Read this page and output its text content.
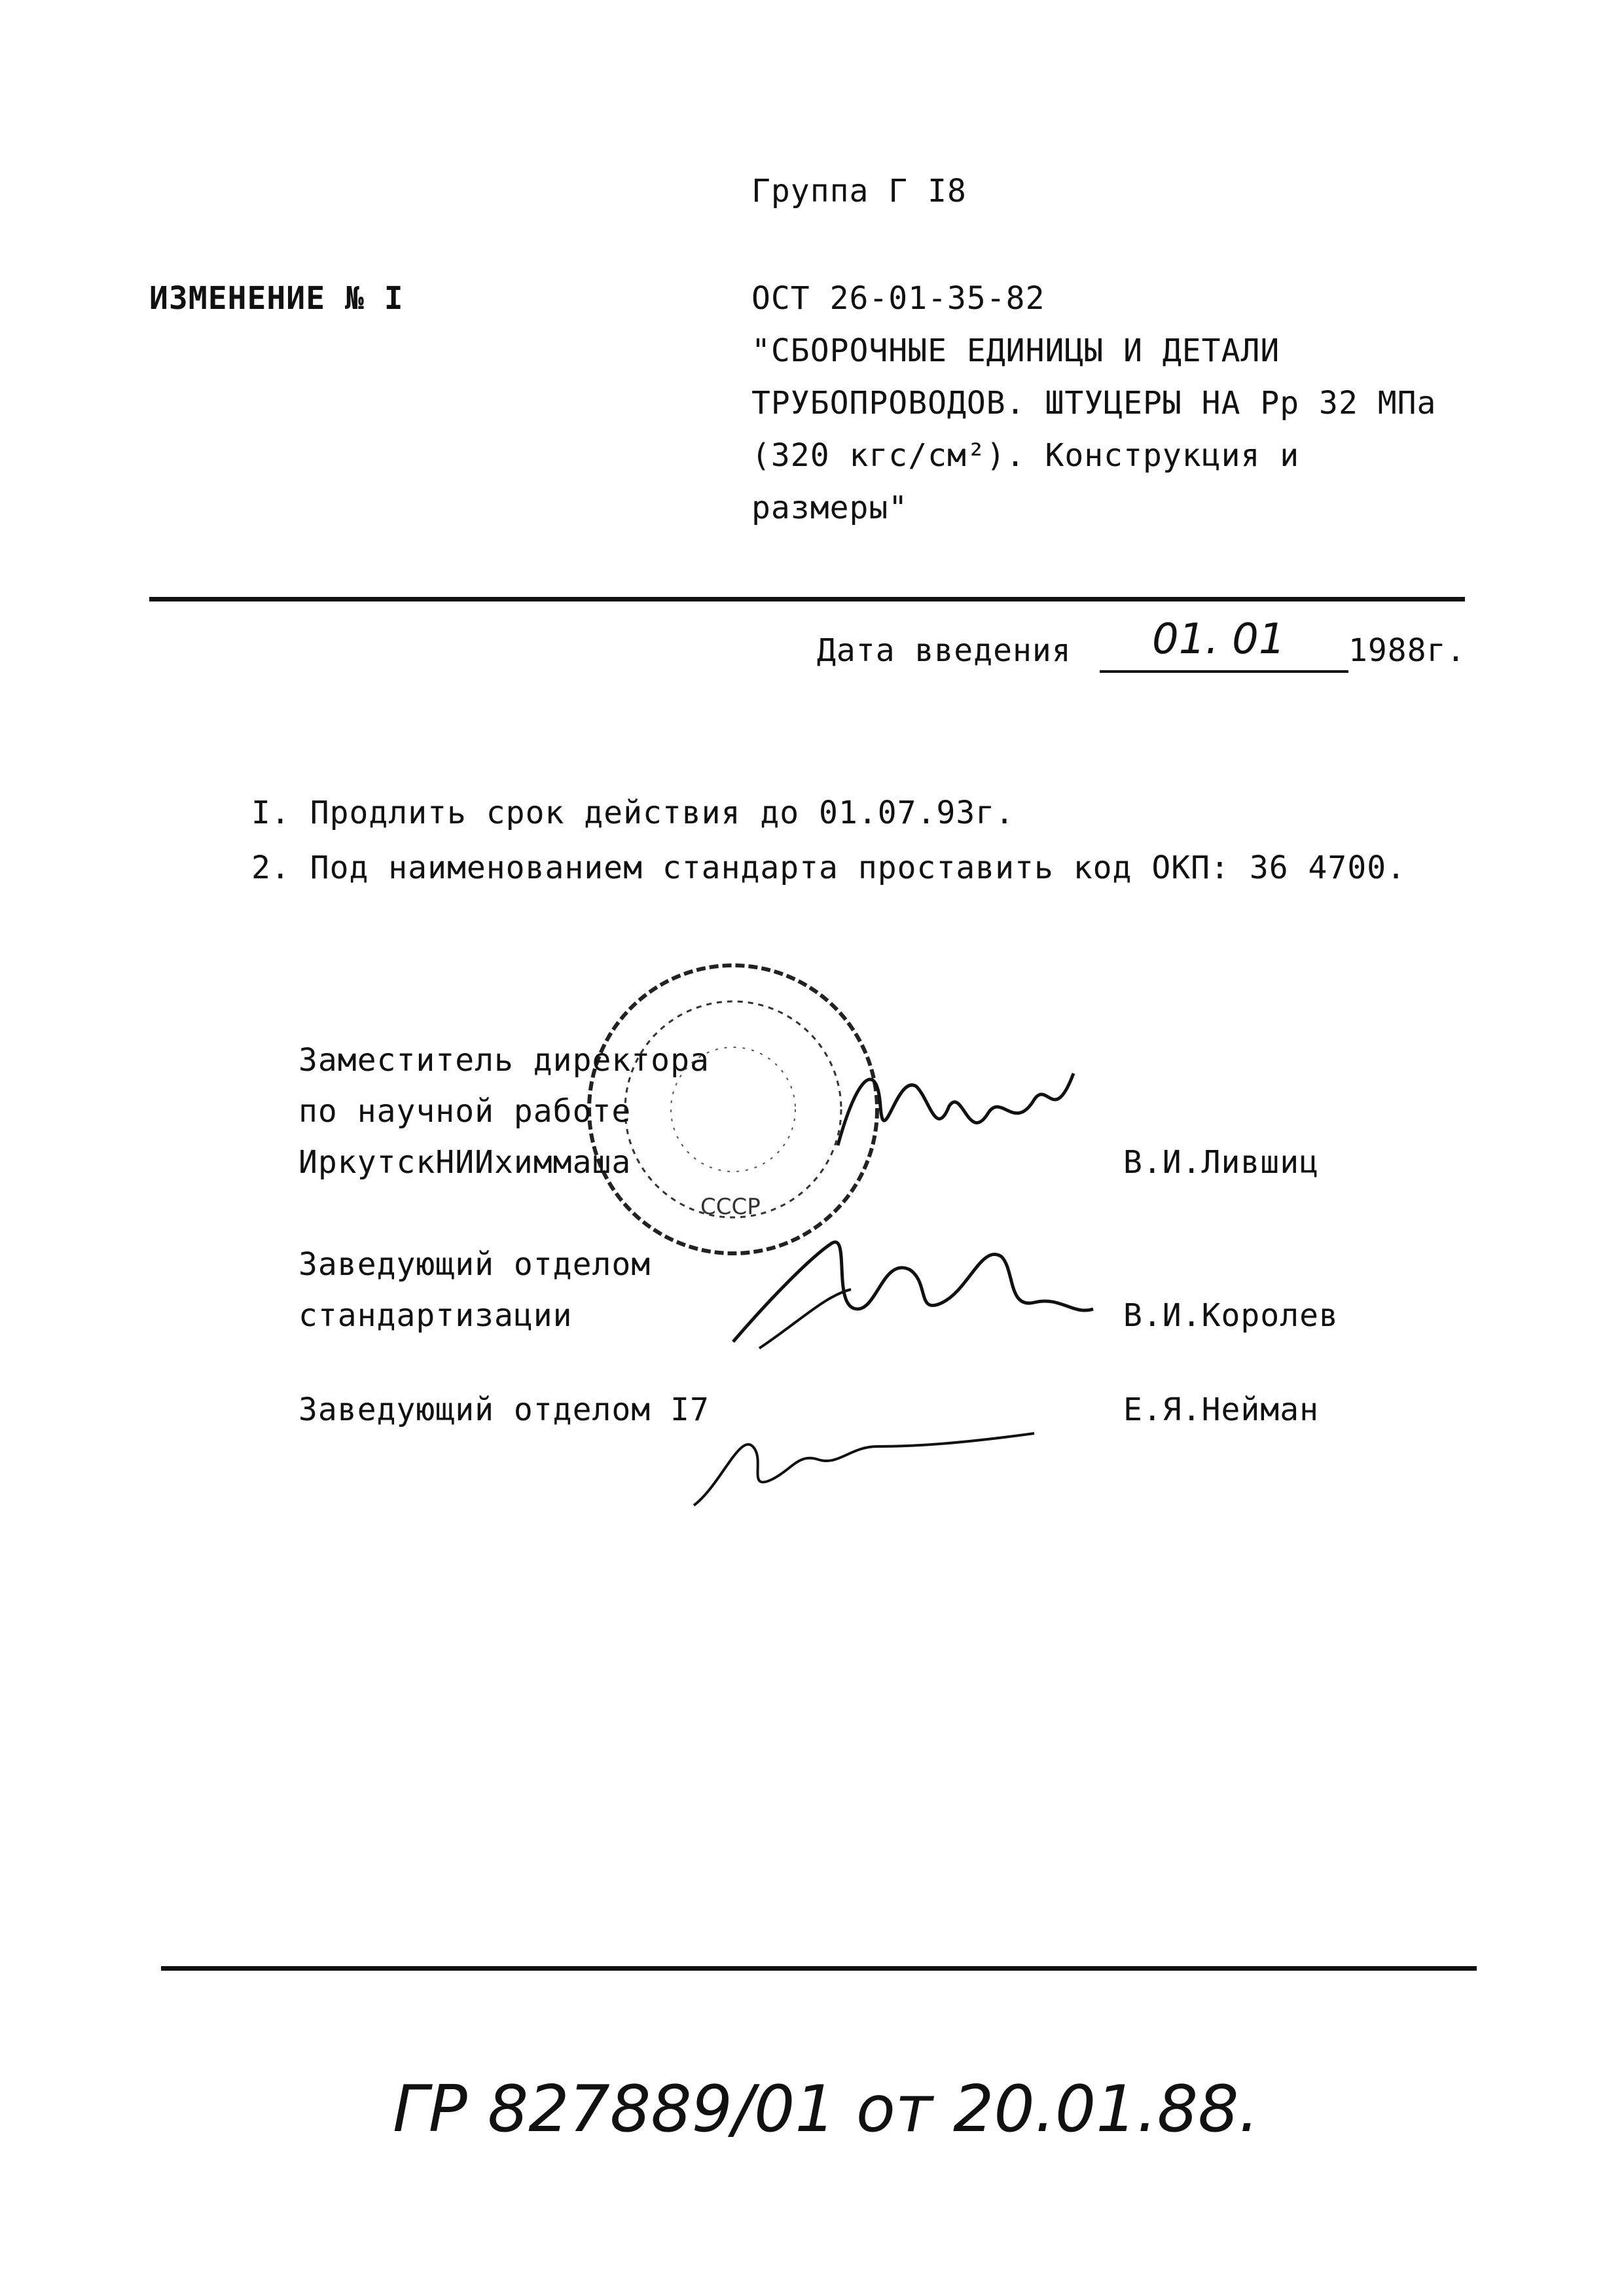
Группа Г I8
ИЗМЕНЕНИЕ № I	ОСТ 26-01-35-82
"СБОРОЧНЫЕ ЕДИНИЦЫ И ДЕТАЛИ
ТРУБОПРОВОДОВ. ШТУЦЕРЫ НА Рр 32 МПа
(320 кгс/см²). Конструкция и
размеры"
Дата введения 01. 01 1988г.
I. Продлить срок действия до 01.07.93г.
2. Под наименованием стандарта проставить код ОКП: 36 4700.
СССР
Заместитель директора
по научной работе
ИркутскНИИхиммаша	В.И.Лившиц
Заведующий отделом
стандартизации	В.И.Королев
Заведующий отделом I7	Е.Я.Нейман
ГР 827889/01 от 20.01.88.
